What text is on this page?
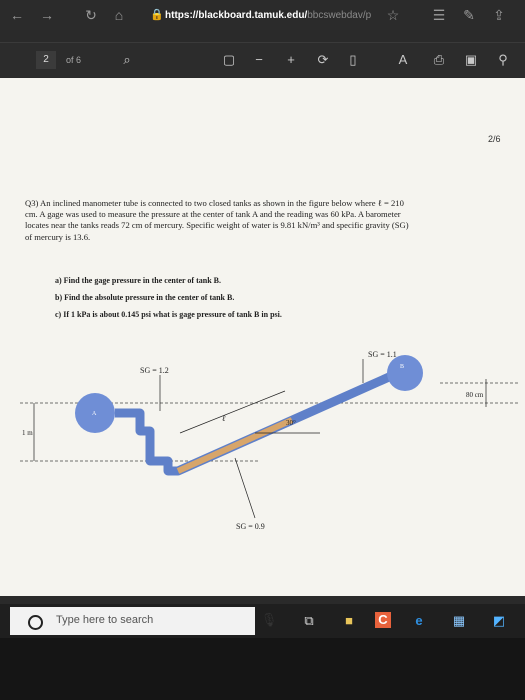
← → ↻	⌂	🔒 https://blackboard.tamuk.edu/bbcswebdav/p	☆ ☰ ✎ ⇪
2	of 6	⌕	▢	−	+	⟳	▯	A	⎙ ▣	⚲
2/6
Q3) An inclined manometer tube is connected to two closed tanks as shown in the figure below where ℓ = 210
cm. A gage was used to measure the pressure at the center of tank A and the reading was 60 kPa. A barometer
locates near the tanks reads 72 cm of mercury. Specific weight of water is 9.81 kN/m³ and specific gravity (SG)
of mercury is 13.6.
a) Find the gage pressure in the center of tank B.
b) Find the absolute pressure in the center of tank B.
c) If 1 kPa is about 0.145 psi what is gage pressure of tank B in psi.
B
A
SG = 1.1
SG = 1.2
SG = 0.9
80 cm
1 m
30°
ℓ
Type here to search	🎙	⧉	■	C	e	▦ ◩
